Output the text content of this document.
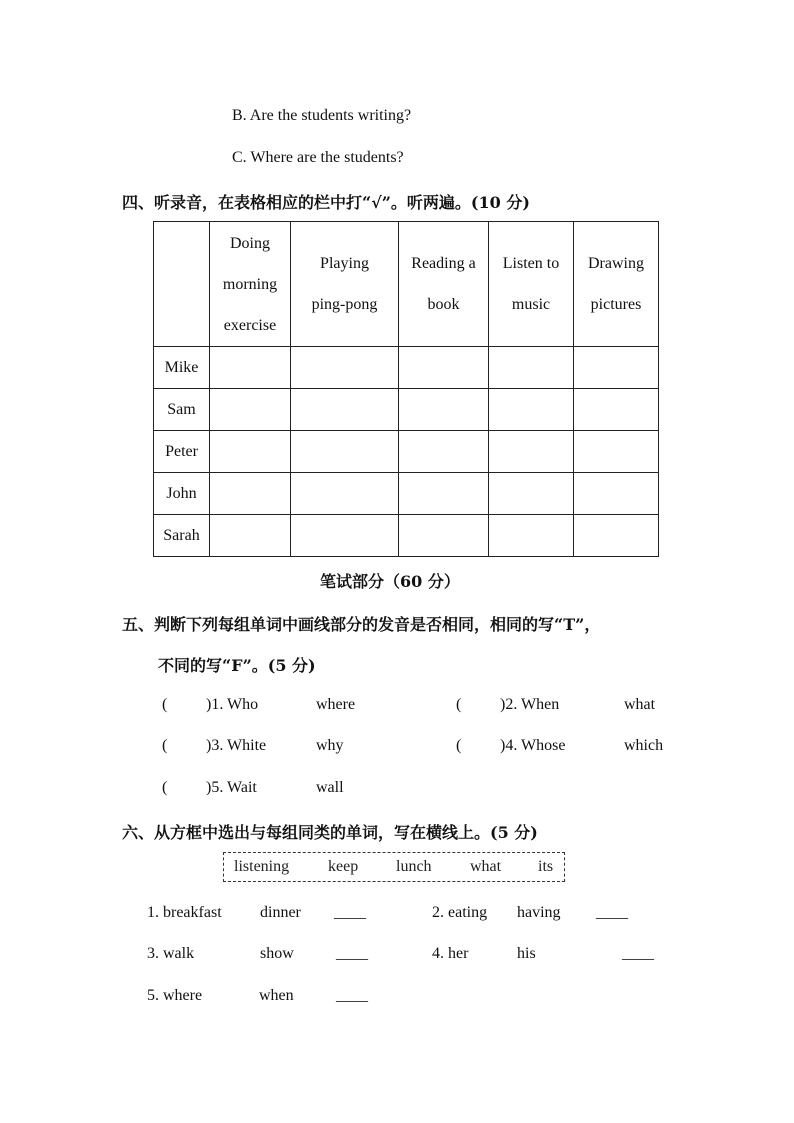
B. Are the students writing?
C. Where are the students?
四、听录音，在表格相应的栏中打“√”。听两遍。(10 分)
	Doing
morning
exercise	Playing
ping-pong	Reading a
book	Listen to
music	Drawing
pictures
Mike					
Sam					
Peter					
John					
Sarah					
笔试部分（60 分）
五、判断下列每组单词中画线部分的发音是否相同，相同的写“T”，
不同的写“F”。(5 分)
( )1. Who	where	( )2. When	what
( )3. White	why	( )4. Whose	which
( )5. Wait	wall
六、从方框中选出与每组同类的单词，写在横线上。(5 分)
listening keep lunch what its
1. breakfast dinner ____	2. eating having ____
3. walk	show	____	4. her	his	____
5. where	when	____
